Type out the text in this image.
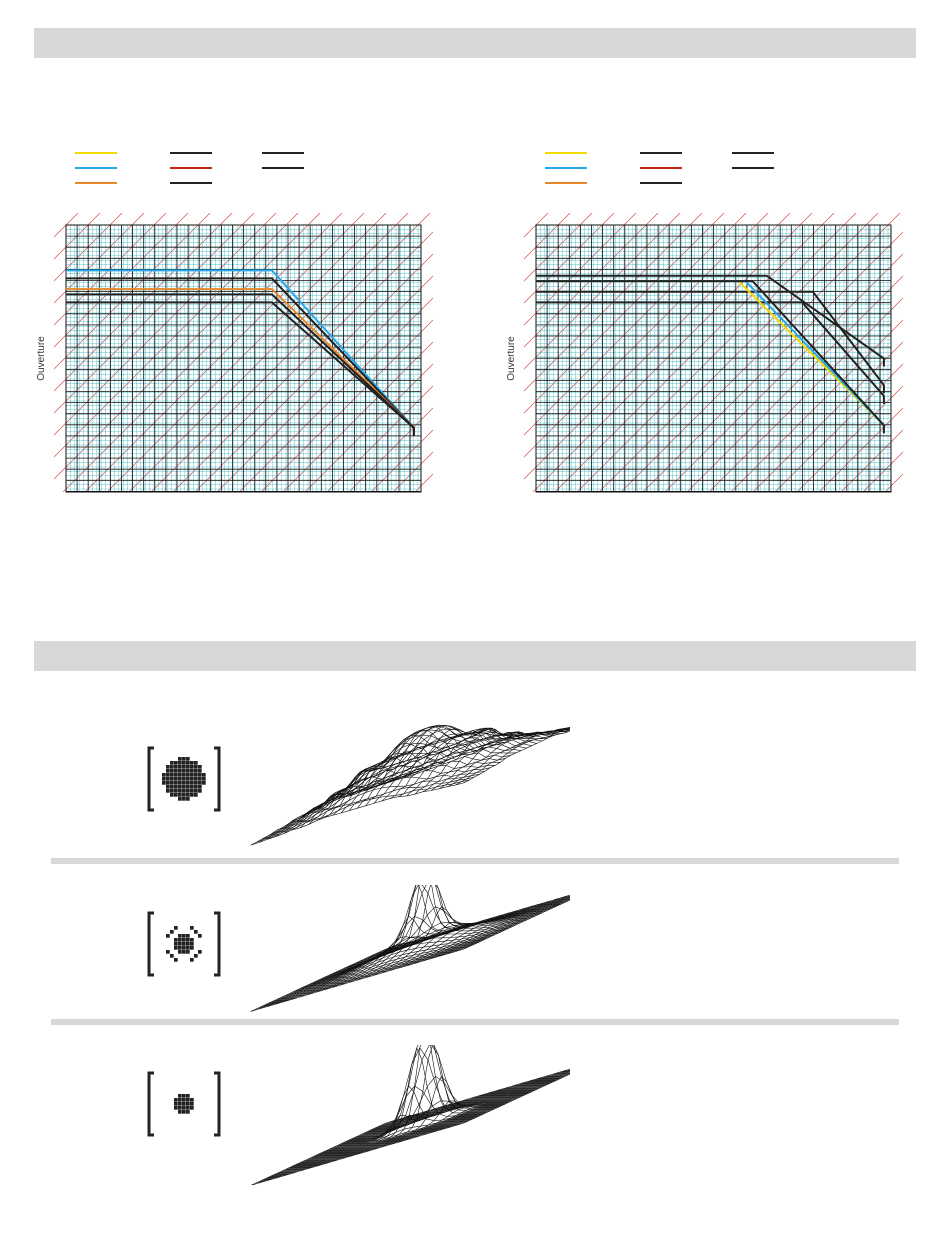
Ouverture	Ouverture
